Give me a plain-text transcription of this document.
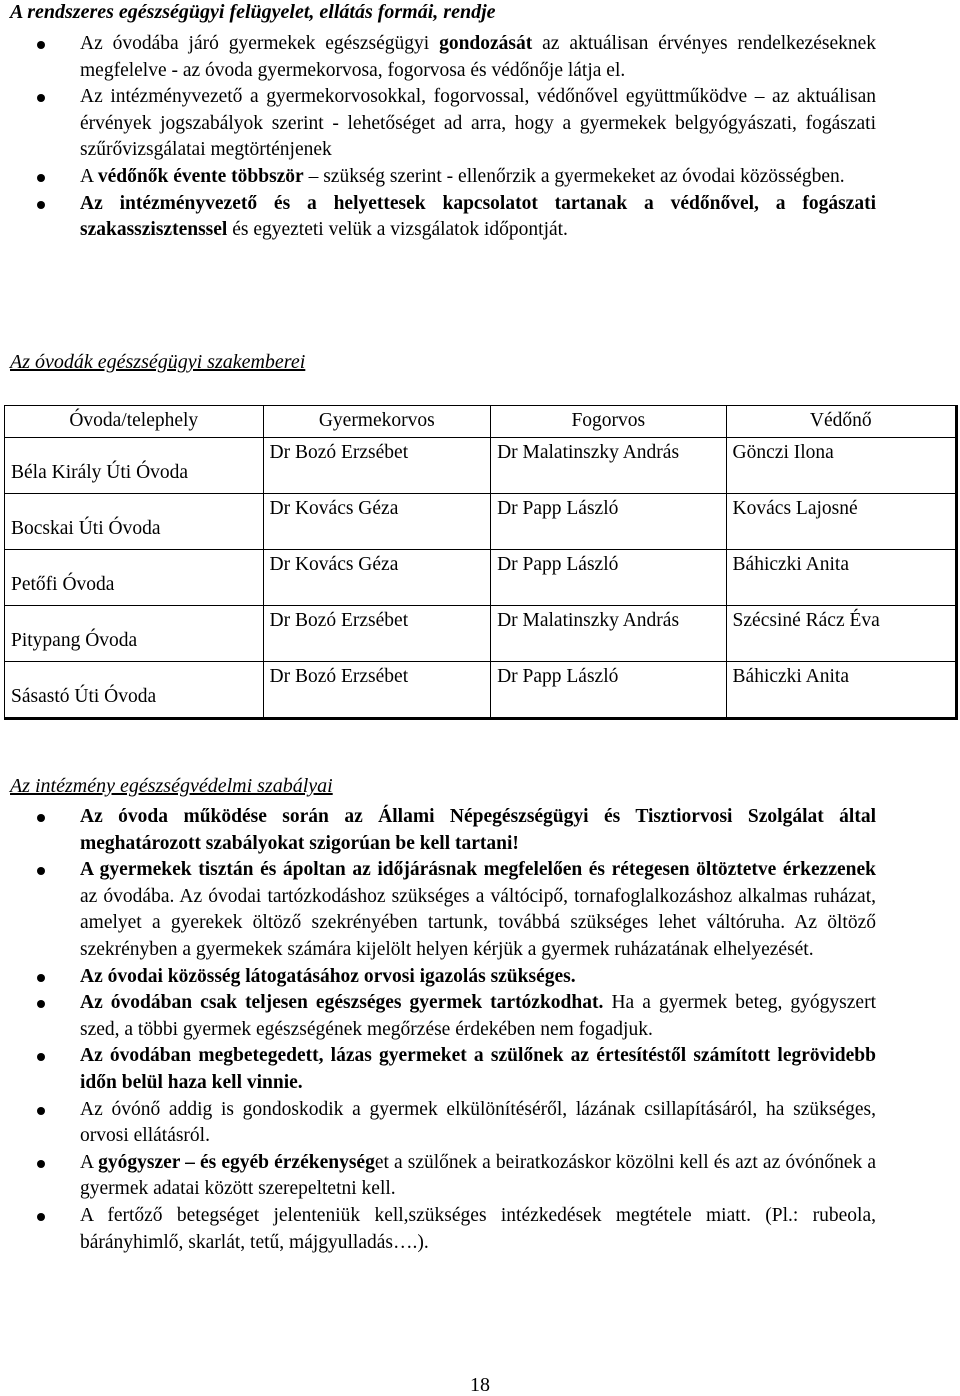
A rendszeres egészségügyi felügyelet, ellátás formái, rendje
Az óvodába járó gyermekek egészségügyi gondozását az aktuálisan érvényes rendelkezéseknek megfelelve - az óvoda gyermekorvosa, fogorvosa és védőnője látja el.
Az intézményvezető a gyermekorvosokkal, fogorvossal, védőnővel együttműködve – az aktuálisan érvények jogszabályok szerint - lehetőséget ad arra, hogy a gyermekek belgyógyászati, fogászati szűrővizsgálatai megtörténjenek
A védőnők évente többször – szükség szerint - ellenőrzik a gyermekeket az óvodai közösségben.
Az intézményvezető és a helyettesek kapcsolatot tartanak a védőnővel, a fogászati szakasszisztenssel és egyezteti velük a vizsgálatok időpontját.
Az óvodák egészségügyi szakemberei
Óvoda/telephely	Gyermekorvos	Fogorvos	Védőnő
Béla Király Úti Óvoda	Dr Bozó Erzsébet	Dr Malatinszky András	Gönczi Ilona

Bocskai Úti Óvoda	Dr Kovács Géza	Dr Papp László	Kovács Lajosné

Petőfi Óvoda	Dr Kovács Géza	Dr Papp László	Báhiczki Anita

Pitypang Óvoda	Dr Bozó Erzsébet	Dr Malatinszky András	Szécsiné Rácz Éva

Sásastó Úti Óvoda	Dr Bozó Erzsébet	Dr Papp László	Báhiczki Anita
Az intézmény egészségvédelmi szabályai
Az óvoda működése során az Állami Népegészségügyi és Tisztiorvosi Szolgálat által meghatározott szabályokat szigorúan be kell tartani!
A gyermekek tisztán és ápoltan az időjárásnak megfelelően és rétegesen öltöztetve érkezzenek az óvodába. Az óvodai tartózkodáshoz szükséges a váltócipő, tornafoglalkozáshoz alkalmas ruházat, amelyet a gyerekek öltöző szekrényében tartunk, továbbá szükséges lehet váltóruha. Az öltöző szekrényben a gyermekek számára kijelölt helyen kérjük a gyermek ruházatának elhelyezését.
Az óvodai közösség látogatásához orvosi igazolás szükséges.
Az óvodában csak teljesen egészséges gyermek tartózkodhat. Ha a gyermek beteg, gyógyszert szed, a többi gyermek egészségének megőrzése érdekében nem fogadjuk.
Az óvodában megbetegedett, lázas gyermeket a szülőnek az értesítéstől számított legrövidebb időn belül haza kell vinnie.
Az óvónő addig is gondoskodik a gyermek elkülönítéséről, lázának csillapításáról, ha szükséges, orvosi ellátásról.
A gyógyszer – és egyéb érzékenységet a szülőnek a beiratkozáskor közölni kell és azt az óvónőnek a gyermek adatai között szerepeltetni kell.
A fertőző betegséget jelenteniük kell,szükséges intézkedések megtétele miatt. (Pl.: rubeola, bárányhimlő, skarlát, tetű, májgyulladás….).
18
